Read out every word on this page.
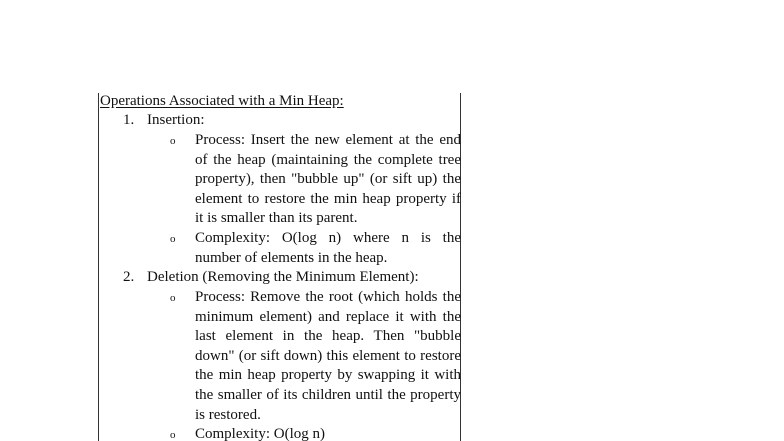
Operations Associated with a Min Heap:
1. Insertion:
o	Process: Insert the new element at the end of the heap (maintaining the complete tree property), then "bubble up" (or sift up) the element to restore the min heap property if it is smaller than its parent.

o	Complexity: O(log n) where n is the number of elements in the heap.

2. Deletion (Removing the Minimum Element):
o	Process: Remove the root (which holds the minimum element) and replace it with the last element in the heap. Then "bubble down" (or sift down) this element to restore the min heap property by swapping it with the smaller of its children until the property is restored.

o	Complexity: O(log n)
